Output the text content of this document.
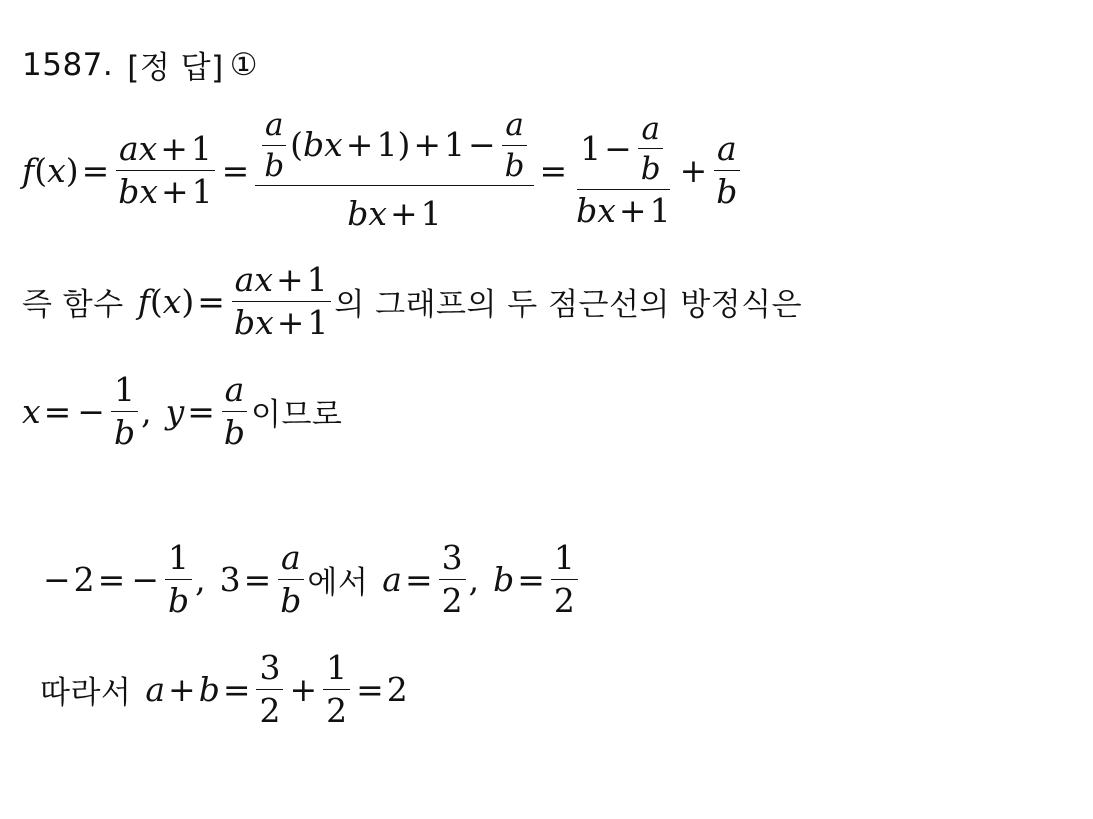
1587. [정 답] ①
f ( x ) = $\frac{ax + 1}{bx + 1} = \frac{\frac{a}{b} ( bx + 1) + 1 - \frac{a}{b}}{bx + 1} = \frac{1 - \frac{a}{b}}{bx + 1} + \frac{a}{b}$
즉 함수 f ( x ) = $\frac{ax + 1}{bx + 1}$ 의 그래프의 두 점근선의 방정식은
x = − $\frac{1}{b}$ , $y = \frac{a}{b}$ 이므로
− 2 = − $\frac{1}{b}$ ,
$3 = \frac{a}{b}$ 에서 $a = \frac{3}{2}$ , $b = \frac{1}{2}$
따라서 $a + b = \frac{3}{2} + \frac{1}{2} = 2$
